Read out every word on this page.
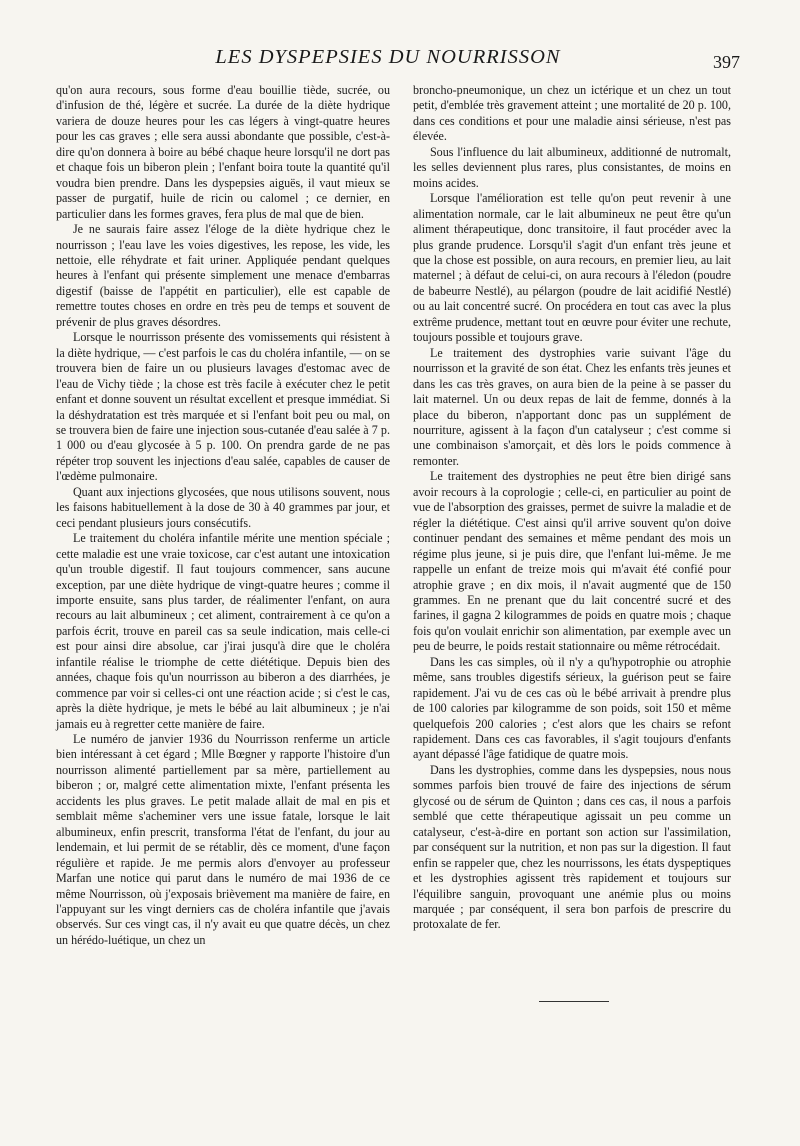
LES DYSPEPSIES DU NOURRISSON	397

qu'on aura recours, sous forme d'eau bouillie tiède, sucrée, ou d'infusion de thé, légère et sucrée. La durée de la diète hydrique variera de douze heures pour les cas légers à vingt-quatre heures pour les cas graves ; elle sera aussi abondante que possible, c'est-à-dire qu'on donnera à boire au bébé chaque heure lorsqu'il ne dort pas et chaque fois un biberon plein ; l'enfant boira toute la quantité qu'il voudra bien prendre. Dans les dyspepsies aiguës, il vaut mieux se passer de purgatif, huile de ricin ou calomel ; ce dernier, en particulier dans les formes graves, fera plus de mal que de bien.

Je ne saurais faire assez l'éloge de la diète hydrique chez le nourrisson ; l'eau lave les voies digestives, les repose, les vide, les nettoie, elle réhydrate et fait uriner. Appliquée pendant quelques heures à l'enfant qui présente simplement une menace d'embarras digestif (baisse de l'appétit en particulier), elle est capable de remettre toutes choses en ordre en très peu de temps et souvent de prévenir de plus graves désordres.

Lorsque le nourrisson présente des vomissements qui résistent à la diète hydrique, — c'est parfois le cas du choléra infantile, — on se trouvera bien de faire un ou plusieurs lavages d'estomac avec de l'eau de Vichy tiède ; la chose est très facile à exécuter chez le petit enfant et donne souvent un résultat excellent et presque immédiat. Si la déshydratation est très marquée et si l'enfant boit peu ou mal, on se trouvera bien de faire une injection sous-cutanée d'eau salée à 7 p. 1 000 ou d'eau glycosée à 5 p. 100. On prendra garde de ne pas répéter trop souvent les injections d'eau salée, capables de causer de l'œdème pulmonaire.

Quant aux injections glycosées, que nous utilisons souvent, nous les faisons habituellement à la dose de 30 à 40 grammes par jour, et ceci pendant plusieurs jours consécutifs.

Le traitement du choléra infantile mérite une mention spéciale ; cette maladie est une vraie toxicose, car c'est autant une intoxication qu'un trouble digestif. Il faut toujours commencer, sans aucune exception, par une diète hydrique de vingt-quatre heures ; comme il importe ensuite, sans plus tarder, de réalimenter l'enfant, on aura recours au lait albumineux ; cet aliment, contrairement à ce qu'on a parfois écrit, trouve en pareil cas sa seule indication, mais celle-ci est pour ainsi dire absolue, car j'irai jusqu'à dire que le choléra infantile réalise le triomphe de cette diététique. Depuis bien des années, chaque fois qu'un nourrisson au biberon a des diarrhées, je commence par voir si celles-ci ont une réaction acide ; si c'est le cas, après la diète hydrique, je mets le bébé au lait albumineux ; je n'ai jamais eu à regretter cette manière de faire.

Le numéro de janvier 1936 du Nourrisson renferme un article bien intéressant à cet égard ; Mlle Bœgner y rapporte l'histoire d'un nourrisson alimenté partiellement par sa mère, partiellement au biberon ; or, malgré cette alimentation mixte, l'enfant présenta les accidents les plus graves. Le petit malade allait de mal en pis et semblait même s'acheminer vers une issue fatale, lorsque le lait albumineux, enfin prescrit, transforma l'état de l'enfant, du jour au lendemain, et lui permit de se rétablir, dès ce moment, d'une façon régulière et rapide. Je me permis alors d'envoyer au professeur Marfan une notice qui parut dans le numéro de mai 1936 de ce même Nourrisson, où j'exposais brièvement ma manière de faire, en l'appuyant sur les vingt derniers cas de choléra infantile que j'avais observés. Sur ces vingt cas, il n'y avait eu que quatre décès, un chez un hérédo-luétique, un chez un

broncho-pneumonique, un chez un ictérique et un chez un tout petit, d'emblée très gravement atteint ; une mortalité de 20 p. 100, dans ces conditions et pour une maladie ainsi sérieuse, n'est pas élevée.

Sous l'influence du lait albumineux, additionné de nutromalt, les selles deviennent plus rares, plus consistantes, de moins en moins acides.

Lorsque l'amélioration est telle qu'on peut revenir à une alimentation normale, car le lait albumineux ne peut être qu'un aliment thérapeutique, donc transitoire, il faut procéder avec la plus grande prudence. Lorsqu'il s'agit d'un enfant très jeune et que la chose est possible, on aura recours, en premier lieu, au lait maternel ; à défaut de celui-ci, on aura recours à l'éledon (poudre de babeurre Nestlé), au pélargon (poudre de lait acidifié Nestlé) ou au lait concentré sucré. On procédera en tout cas avec la plus extrême prudence, mettant tout en œuvre pour éviter une rechute, toujours possible et toujours grave.

Le traitement des dystrophies varie suivant l'âge du nourrisson et la gravité de son état. Chez les enfants très jeunes et dans les cas très graves, on aura bien de la peine à se passer du lait maternel. Un ou deux repas de lait de femme, donnés à la place du biberon, n'apportant donc pas un supplément de nourriture, agissent à la façon d'un catalyseur ; c'est comme si une combinaison s'amorçait, et dès lors le poids commence à remonter.

Le traitement des dystrophies ne peut être bien dirigé sans avoir recours à la coprologie ; celle-ci, en particulier au point de vue de l'absorption des graisses, permet de suivre la maladie et de régler la diététique. C'est ainsi qu'il arrive souvent qu'on doive continuer pendant des semaines et même pendant des mois un régime plus jeune, si je puis dire, que l'enfant lui-même. Je me rappelle un enfant de treize mois qui m'avait été confié pour atrophie grave ; en dix mois, il n'avait augmenté que de 150 grammes. En ne prenant que du lait concentré sucré et des farines, il gagna 2 kilogrammes de poids en quatre mois ; chaque fois qu'on voulait enrichir son alimentation, par exemple avec un peu de beurre, le poids restait stationnaire ou même rétrocédait.

Dans les cas simples, où il n'y a qu'hypotrophie ou atrophie même, sans troubles digestifs sérieux, la guérison peut se faire rapidement. J'ai vu de ces cas où le bébé arrivait à prendre plus de 100 calories par kilogramme de son poids, soit 150 et même quelquefois 200 calories ; c'est alors que les chairs se refont rapidement. Dans ces cas favorables, il s'agit toujours d'enfants ayant dépassé l'âge fatidique de quatre mois.

Dans les dystrophies, comme dans les dyspepsies, nous nous sommes parfois bien trouvé de faire des injections de sérum glycosé ou de sérum de Quinton ; dans ces cas, il nous a parfois semblé que cette thérapeutique agissait un peu comme un catalyseur, c'est-à-dire en portant son action sur l'assimilation, par conséquent sur la nutrition, et non pas sur la digestion. Il faut enfin se rappeler que, chez les nourrissons, les états dyspeptiques et les dystrophies agissent très rapidement et toujours sur l'équilibre sanguin, provoquant une anémie plus ou moins marquée ; par conséquent, il sera bon parfois de prescrire du protoxalate de fer.
